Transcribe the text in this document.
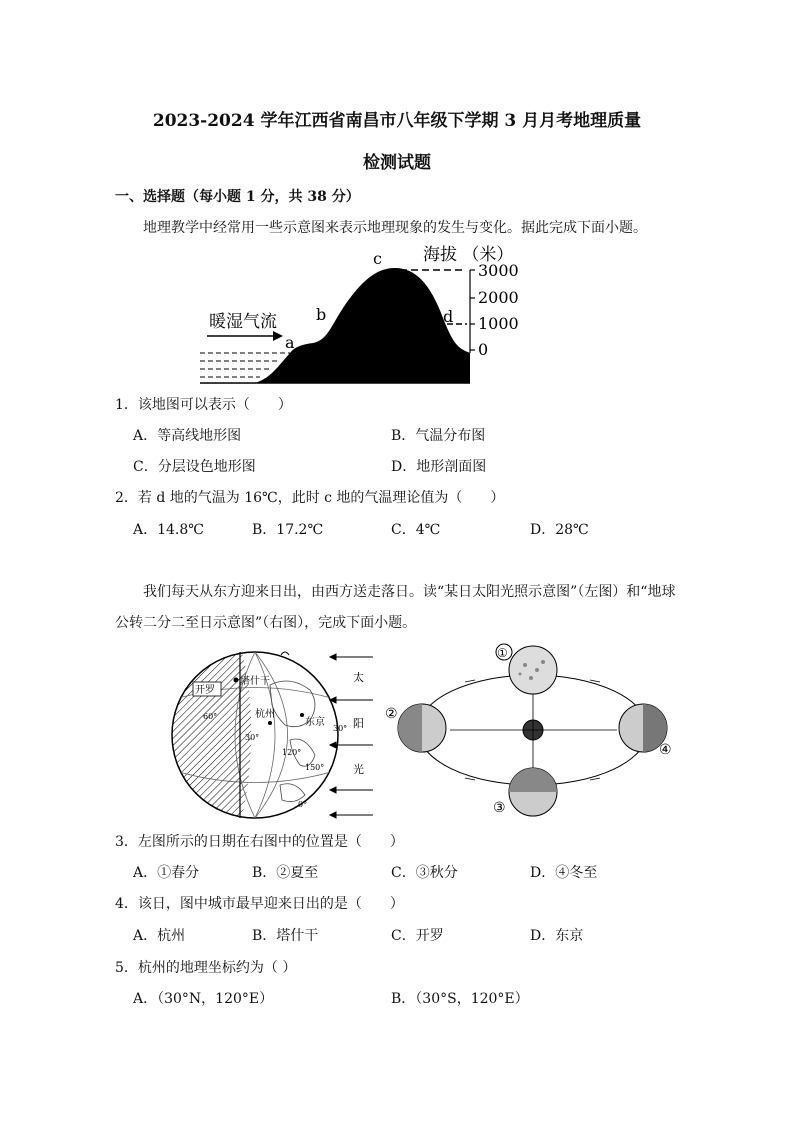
2023-2024 学年江西省南昌市八年级下学期 3 月月考地理质量
检测试题
一、选择题（每小题 1 分，共 38 分）
地理教学中经常用一些示意图来表示地理现象的发生与变化。据此完成下面小题。
暖湿气流
a
b
c
d
海拔 （米）
3000
2000
1000
0
1．该地图可以表示（　　）
A．等高线地形图	B．气温分布图
C．分层设色地形图	D．地形剖面图
2．若 d 地的气温为 16℃，此时 c 地的气温理论值为（　　）
A．14.8℃	B．17.2℃	C．4℃	D．28℃
我们每天从东方迎来日出，由西方送走落日。读“某日太阳光照示意图”（左图）和“地球
公转二分二至日示意图”（右图），完成下面小题。
塔什干
开罗
杭州
东京
60°
30°
30°
120°
150°
0°
太
阳
光
①
②
③
④
3．左图所示的日期在右图中的位置是（　　）
A．①春分	B．②夏至	C．③秋分	D．④冬至
4．该日，图中城市最早迎来日出的是（　　）
A．杭州	B．塔什干	C．开罗	D．东京
5．杭州的地理坐标约为（ ）
A．（30°N，120°E）	B．（30°S，120°E）
